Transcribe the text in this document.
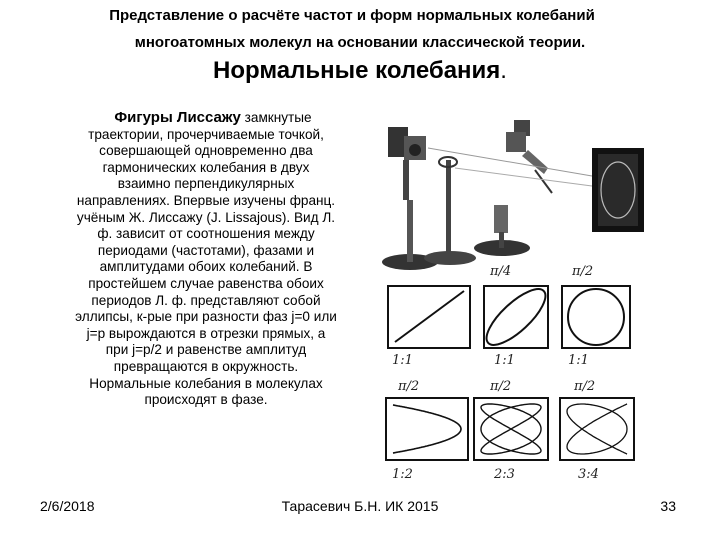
Представление о расчёте частот и форм нормальных колебаний
многоатомных молекул на основании классической теории.
Нормальные колебания.
Фигуры Лиссажу замкнутые
траектории, прочерчиваемые точкой,
совершающей одновременно два
гармонических колебания в двух
взаимно перпендикулярных
направлениях. Впервые изучены франц.
учёным Ж. Лиссажу (J. Lissajous). Вид Л.
ф. зависит от соотношения между
периодами (частотами), фазами и
амплитудами обоих колебаний. В
простейшем случае равенства обоих
периодов Л. ф. представляют собой
эллипсы, к-рые при разности фаз j=0 или
j=p вырождаются в отрезки прямых, а
при j=p/2 и равенстве амплитуд
превращаются в окружность.
Нормальные колебания в молекулах
происходят в фазе.
π/4	π/2
1:1	1:1	1:1
π/2	π/2	π/2
1:2	2:3	3:4
2/6/2018	Тарасевич Б.Н. ИК 2015	33
